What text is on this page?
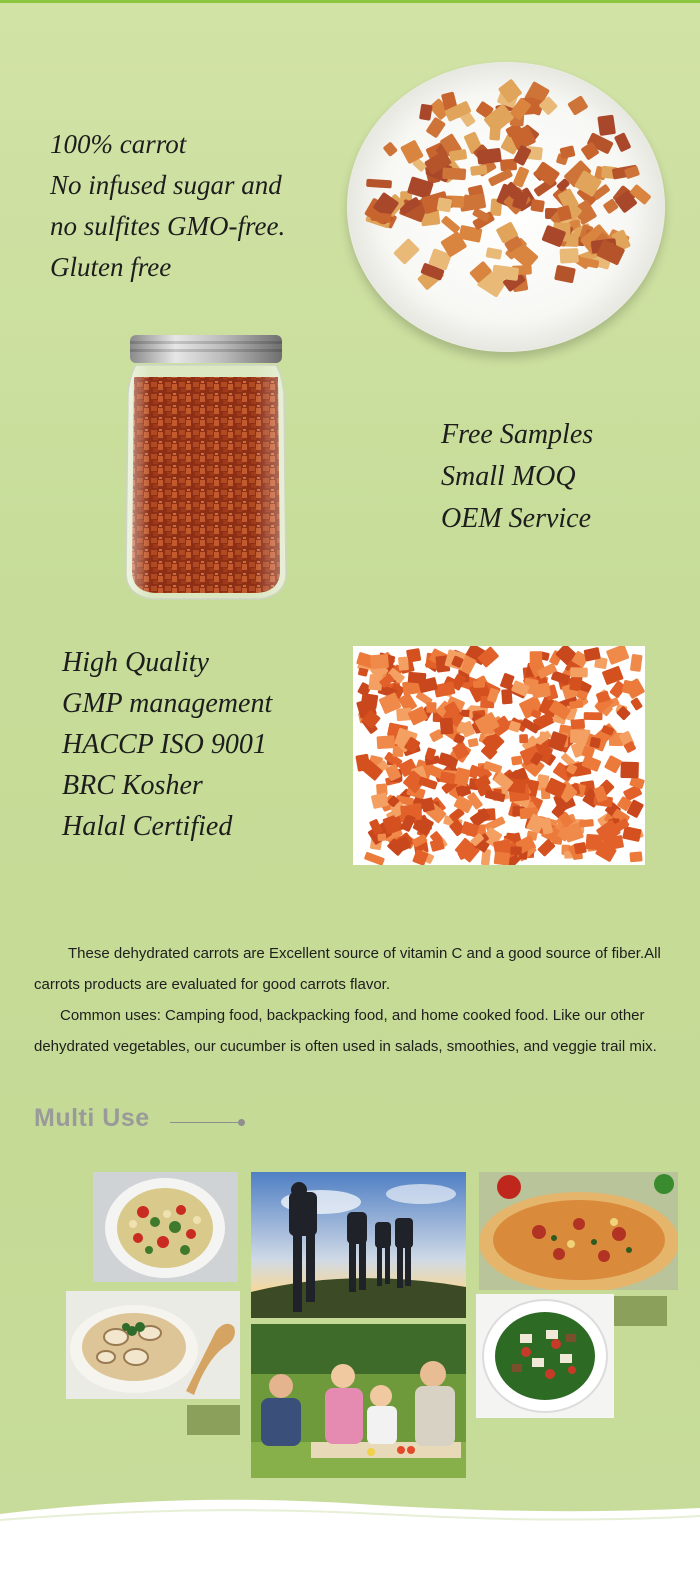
100% carrot
No infused sugar and
no sulfites GMO-free.
Gluten free
Free Samples
Small MOQ
OEM Service
High Quality
GMP management
HACCP ISO 9001
BRC Kosher
Halal Certified

These dehydrated carrots are Excellent source of vitamin C and a good source of fiber.All carrots products are evaluated for good carrots flavor.

Common uses: Camping food, backpacking food, and home cooked food. Like our other dehydrated vegetables, our cucumber is often used in salads, smoothies, and veggie trail mix.

Multi Use
